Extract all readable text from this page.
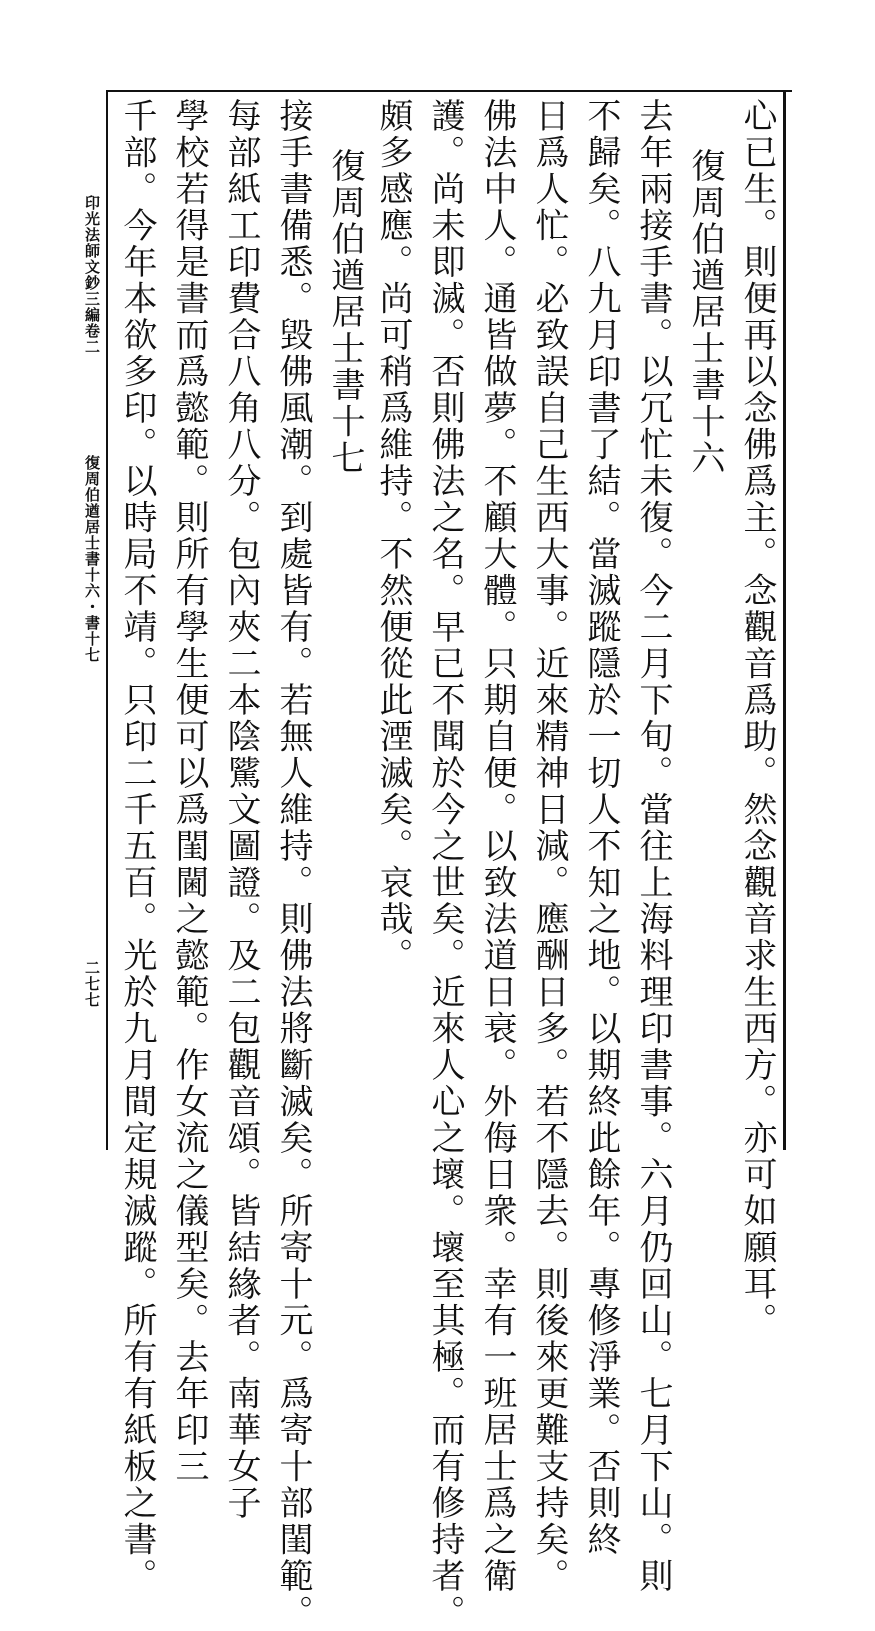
心已生。則便再以念佛爲主。念觀音爲助。然念觀音求生西方。亦可如願耳。
復周伯遒居士書十六
去年兩接手書。以冗忙未復。今二月下旬。當往上海料理印書事。六月仍回山。七月下山。則
不歸矣。八九月印書了結。當滅蹤隱於一切人不知之地。以期終此餘年。專修淨業。否則終
日爲人忙。必致誤自己生西大事。近來精神日減。應酬日多。若不隱去。則後來更難支持矣。
佛法中人。通皆做夢。不顧大體。只期自便。以致法道日衰。外侮日衆。幸有一班居士爲之衛
護。尚未即滅。否則佛法之名。早已不聞於今之世矣。近來人心之壞。壞至其極。而有修持者。
頗多感應。尚可稍爲維持。不然便從此湮滅矣。哀哉。
復周伯遒居士書十七
接手書備悉。毀佛風潮。到處皆有。若無人維持。則佛法將斷滅矣。所寄十元。爲寄十部閨範。
每部紙工印費合八角八分。包內夾二本陰騭文圖證。及二包觀音頌。皆結緣者。南華女子
學校若得是書而爲懿範。則所有學生便可以爲閨閫之懿範。作女流之儀型矣。去年印三
千部。今年本欲多印。以時局不靖。只印二千五百。光於九月間定規滅蹤。所有有紙板之書。
印光法師文鈔三編卷二
復周伯遒居士書十六・書十七
二七七
